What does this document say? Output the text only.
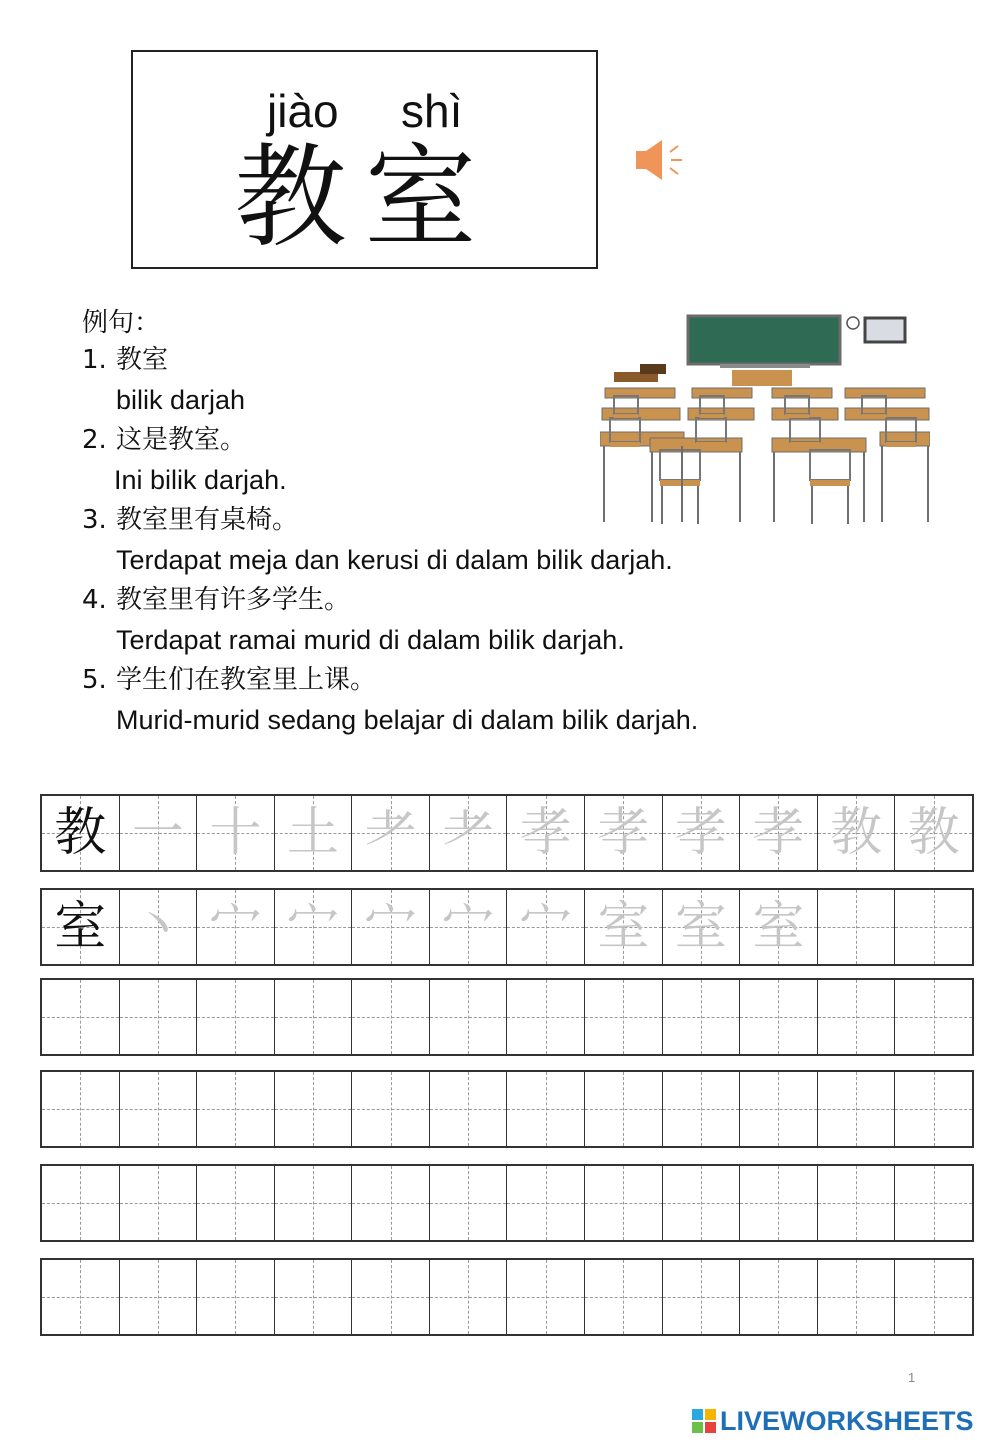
jiào shì
教室
例句：
1. 教室
bilik darjah
2. 这是教室。
Ini bilik darjah.
3. 教室里有桌椅。
Terdapat meja dan kerusi di dalam bilik darjah.
4. 教室里有许多学生。
Terdapat ramai murid di dalam bilik darjah.
5. 学生们在教室里上课。
Murid-murid sedang belajar di dalam bilik darjah.
教 一 十 土 耂 耂 孝 孝 孝 孝 教 教
室 丶 宀 宀 宀 宀 宀 室 室 室
1
LIVEWORKSHEETS
